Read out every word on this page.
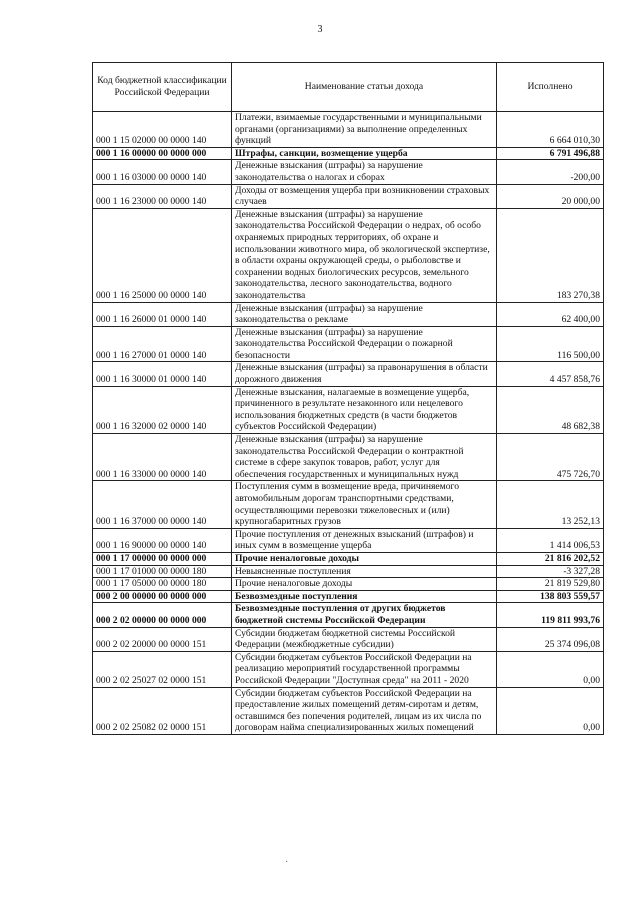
3
Код бюджетной классификации Российской Федерации	Наименование статьи дохода	Исполнено
000 1 15 02000 00 0000 140	Платежи, взимаемые государственными и муниципальными органами (организациями) за выполнение определенных функций	6 664 010,30
000 1 16 00000 00 0000 000	Штрафы, санкции, возмещение ущерба	6 791 496,88
000 1 16 03000 00 0000 140	Денежные взыскания (штрафы) за нарушение законодательства о налогах и сборах	-200,00
000 1 16 23000 00 0000 140	Доходы от возмещения ущерба при возникновении страховых случаев	20 000,00
000 1 16 25000 00 0000 140	Денежные взыскания (штрафы) за нарушение законодательства Российской Федерации о недрах, об особо охраняемых природных территориях, об охране и использовании животного мира, об экологической экспертизе, в области охраны окружающей среды, о рыболовстве и сохранении водных биологических ресурсов, земельного законодательства, лесного законодательства, водного законодательства	183 270,38
000 1 16 26000 01 0000 140	Денежные взыскания (штрафы) за нарушение законодательства о рекламе	62 400,00
000 1 16 27000 01 0000 140	Денежные взыскания (штрафы) за нарушение законодательства Российской Федерации о пожарной безопасности	116 500,00
000 1 16 30000 01 0000 140	Денежные взыскания (штрафы) за правонарушения в области дорожного движения	4 457 858,76
000 1 16 32000 02 0000 140	Денежные взыскания, налагаемые в возмещение ущерба, причиненного в результате незаконного или нецелевого использования бюджетных средств (в части бюджетов субъектов Российской Федерации)	48 682,38
000 1 16 33000 00 0000 140	Денежные взыскания (штрафы) за нарушение законодательства Российской Федерации о контрактной системе в сфере закупок товаров, работ, услуг для обеспечения государственных и муниципальных нужд	475 726,70
000 1 16 37000 00 0000 140	Поступления сумм в возмещение вреда, причиняемого автомобильным дорогам транспортными средствами, осуществляющими перевозки тяжеловесных и (или) крупногабаритных грузов	13 252,13
000 1 16 90000 00 0000 140	Прочие поступления от денежных взысканий (штрафов) и иных сумм в возмещение ущерба	1 414 006,53
000 1 17 00000 00 0000 000	Прочие неналоговые доходы	21 816 202,52
000 1 17 01000 00 0000 180	Невыясненные поступления	-3 327,28
000 1 17 05000 00 0000 180	Прочие неналоговые доходы	21 819 529,80
000 2 00 00000 00 0000 000	Безвозмездные поступления	138 803 559,57
000 2 02 00000 00 0000 000	Безвозмездные поступления от других бюджетов бюджетной системы Российской Федерации	119 811 993,76
000 2 02 20000 00 0000 151	Субсидии бюджетам бюджетной системы Российской Федерации (межбюджетные субсидии)	25 374 096,08
000 2 02 25027 02 0000 151	Субсидии бюджетам субъектов Российской Федерации на реализацию мероприятий государственной программы Российской Федерации "Доступная среда" на 2011 - 2020	0,00
000 2 02 25082 02 0000 151	Субсидии бюджетам субъектов Российской Федерации на предоставление жилых помещений детям-сиротам и детям, оставшимся без попечения родителей, лицам из их числа по договорам найма специализированных жилых помещений	0,00
·
